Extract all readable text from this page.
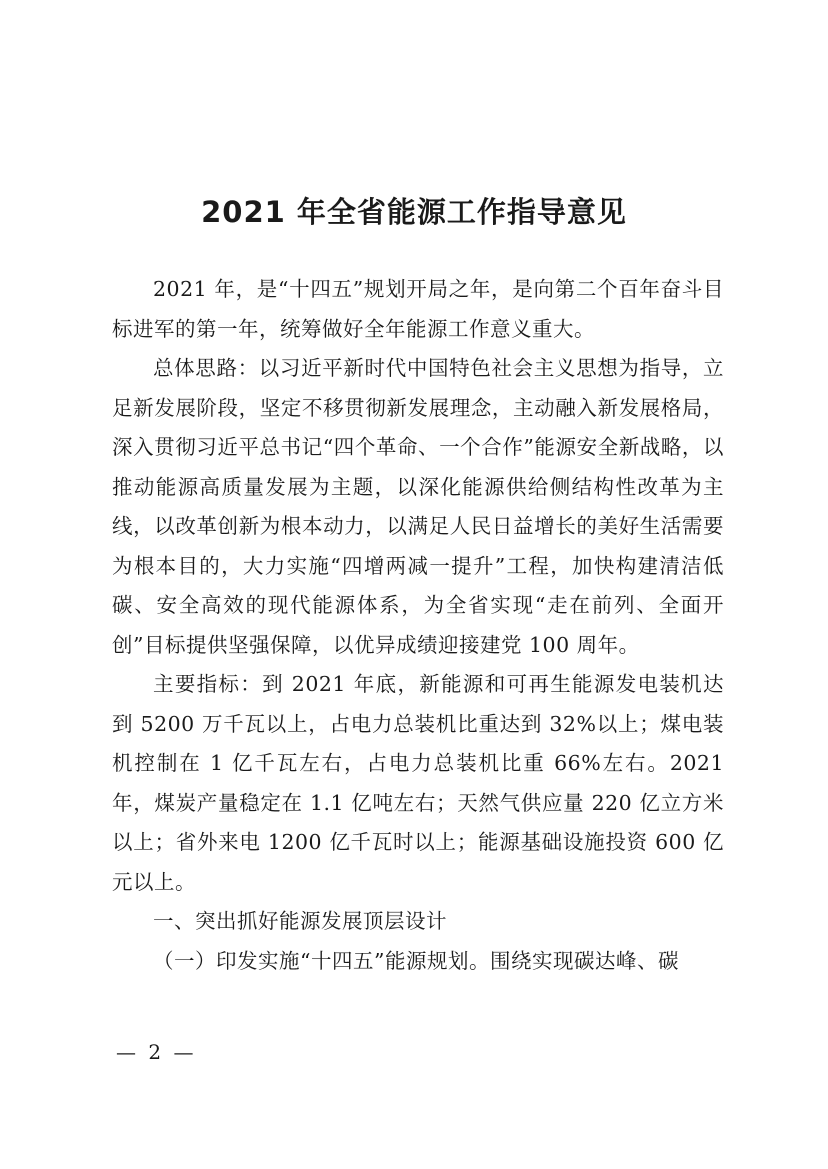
2021 年全省能源工作指导意见

2021 年，是“十四五”规划开局之年，是向第二个百年奋斗目标进军的第一年，统筹做好全年能源工作意义重大。

总体思路：以习近平新时代中国特色社会主义思想为指导，立足新发展阶段，坚定不移贯彻新发展理念，主动融入新发展格局，深入贯彻习近平总书记“四个革命、一个合作”能源安全新战略，以推动能源高质量发展为主题，以深化能源供给侧结构性改革为主线，以改革创新为根本动力，以满足人民日益增长的美好生活需要为根本目的，大力实施“四增两减一提升”工程，加快构建清洁低碳、安全高效的现代能源体系，为全省实现“走在前列、全面开创”目标提供坚强保障，以优异成绩迎接建党 100 周年。

主要指标：到 2021 年底，新能源和可再生能源发电装机达到 5200 万千瓦以上，占电力总装机比重达到 32%以上；煤电装机控制在 1 亿千瓦左右，占电力总装机比重 66%左右。2021 年，煤炭产量稳定在 1.1 亿吨左右；天然气供应量 220 亿立方米以上；省外来电 1200 亿千瓦时以上；能源基础设施投资 600 亿元以上。

一、突出抓好能源发展顶层设计

（一）印发实施“十四五”能源规划。围绕实现碳达峰、碳

— 2 —
